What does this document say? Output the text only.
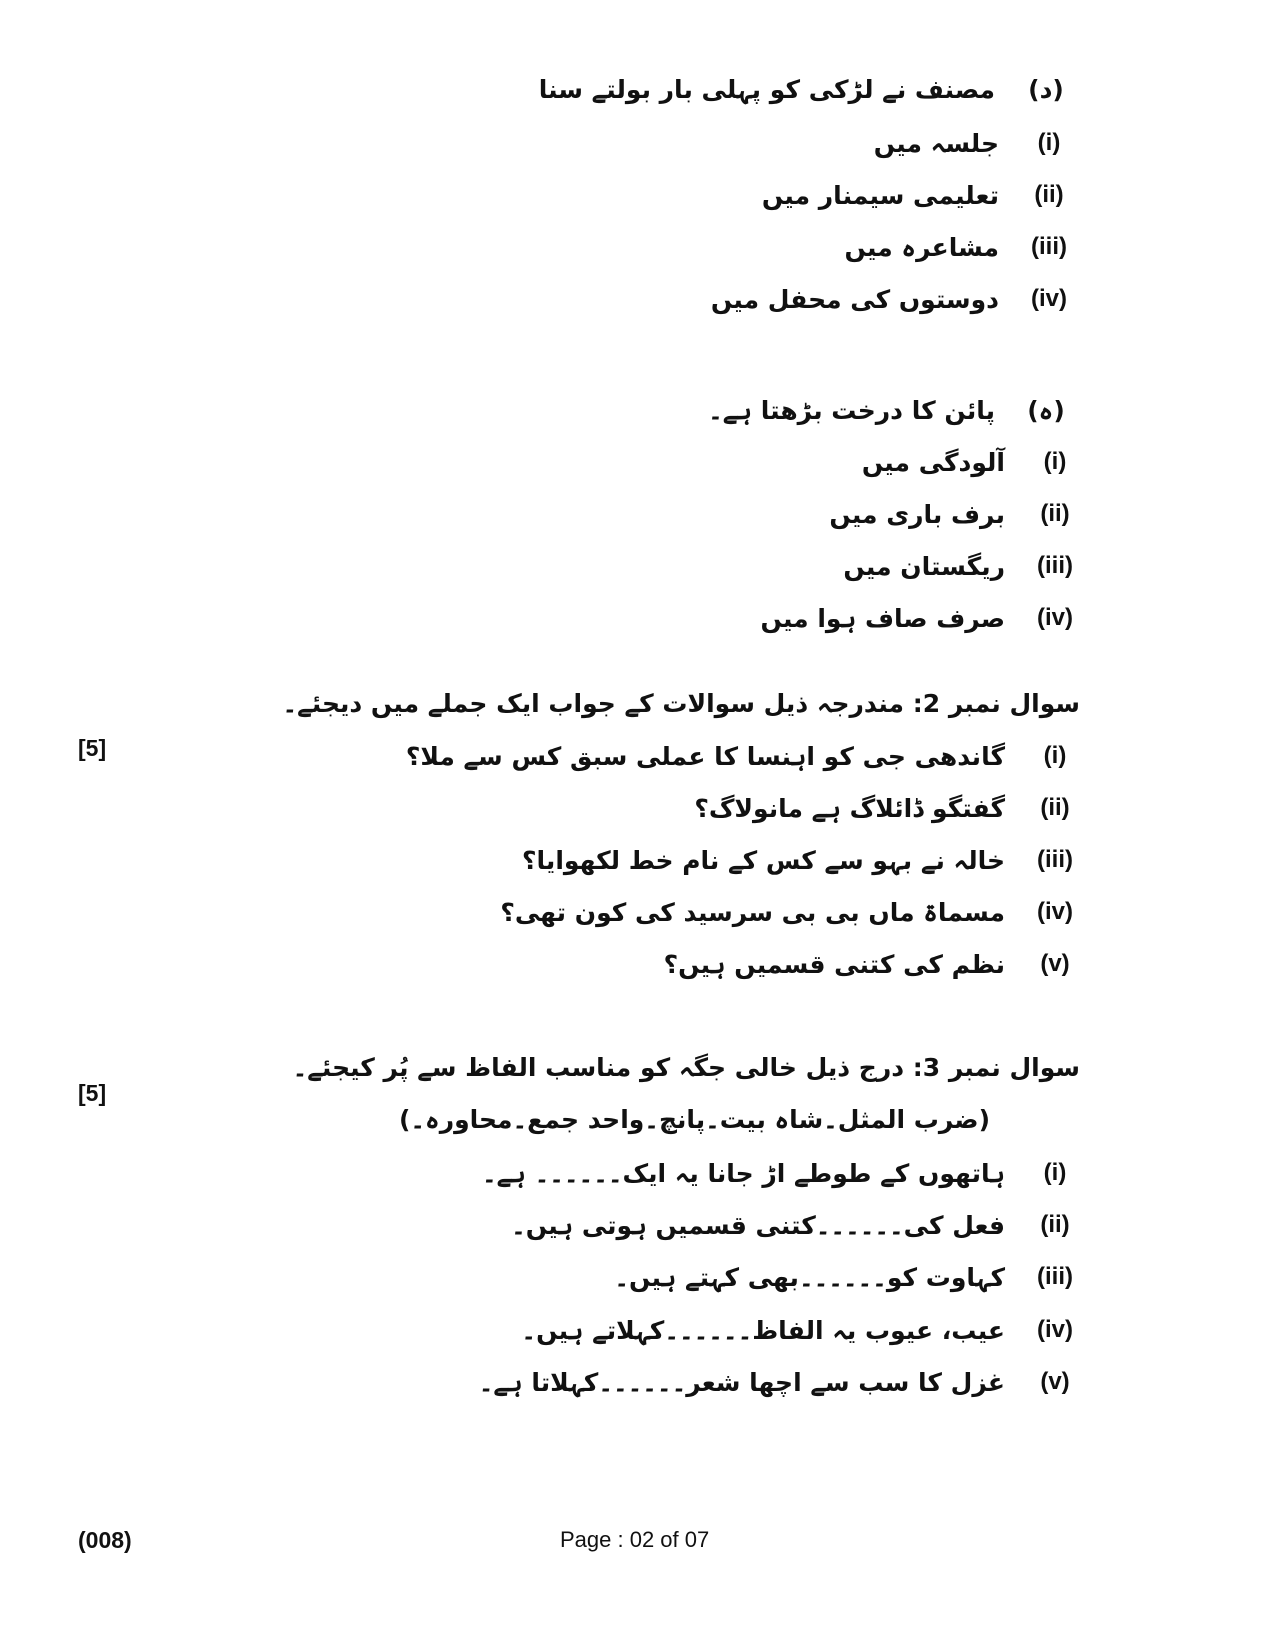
(د)
مصنف نے لڑکی کو پہلی بار بولتے سنا
(i)
جلسہ میں
(ii)
تعلیمی سیمنار میں
(iii)
مشاعرہ میں
(iv)
دوستوں کی محفل میں
(ہ)
پائن کا درخت بڑھتا ہے۔
(i)
آلودگی میں
(ii)
برف باری میں
(iii)
ریگستان میں
(iv)
صرف صاف ہوا میں
سوال نمبر 2: مندرجہ ذیل سوالات کے جواب ایک جملے میں دیجئے۔
[5]	(i)
گاندھی جی کو اہنسا کا عملی سبق کس سے ملا؟
(ii)
گفتگو ڈائلاگ ہے مانولاگ؟
(iii)
خالہ نے بہو سے کس کے نام خط لکھوایا؟
(iv)
مسماۃ ماں بی بی سرسید کی کون تھی؟
(v)
نظم کی کتنی قسمیں ہیں؟
سوال نمبر 3: درج ذیل خالی جگہ کو مناسب الفاظ سے پُر کیجئے۔
[5]
(ضرب المثل۔شاہ بیت۔پانچ۔واحد جمع۔محاورہ۔)
(i)
ہاتھوں کے طوطے اڑ جانا یہ ایک۔۔۔۔۔۔ ہے۔
(ii)
فعل کی۔۔۔۔۔۔کتنی قسمیں ہوتی ہیں۔
(iii)
کہاوت کو۔۔۔۔۔۔بھی کہتے ہیں۔
(iv)
عیب، عیوب یہ الفاظ۔۔۔۔۔۔کہلاتے ہیں۔
(v)
غزل کا سب سے اچھا شعر۔۔۔۔۔۔کہلاتا ہے۔
(008)	Page : 02 of 07
